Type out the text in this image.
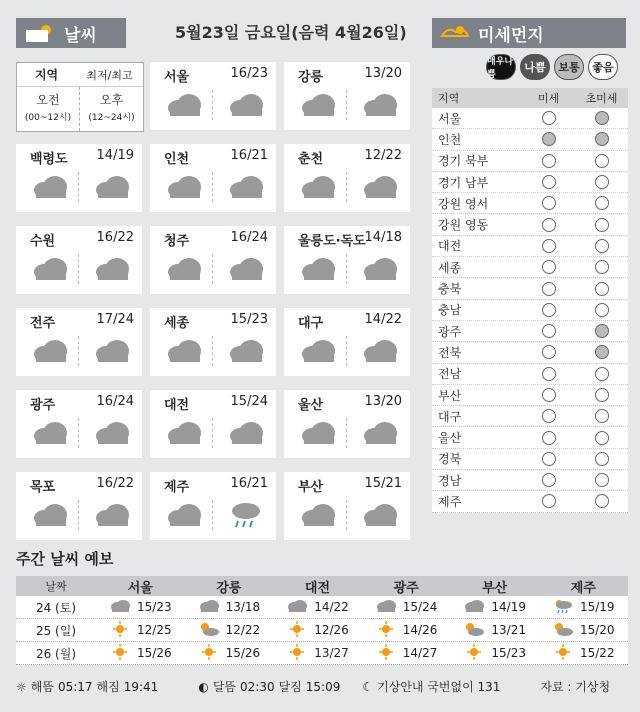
날씨	5월23일 금요일(음력 4월26일)	미세먼지
지역	최저/최고
오전
(00~12시)
오후
(12~24시)
서울	16/23 강릉	13/20
백령도 14/19 인천	16/21 춘천	12/22
수원	16/22 청주	16/24 울릉도·독도
14/18
전주	17/24 세종	15/23 대구	14/22
광주	16/24 대전	15/24 울산	13/20
목포	16/22 제주	16/21 부산	15/21
매우나쁨
나쁨	보통	좋음
지역	미세	초미세
서울
인천
경기 북부
경기 남부
강원 영서
강원 영동
대전
세종
충북
충남
광주
전북
전남
부산
대구
울산
경북
경남
제주
주간 날씨 예보
날짜	서울	강릉	대전	광주	부산	제주
24 (토)	15/23	13/18	14/22	15/24	14/19	15/19
25 (일)	12/25	12/22	12/26	14/26	13/21	15/20
26 (월)	15/26	15/26	13/27	14/27	15/23	15/22
☼ 해뜸 05:17 해짐 19:41	◐ 달뜸 02:30 달짐 15:09 ☾ 기상안내 국번없이 131	자료 : 기상청
